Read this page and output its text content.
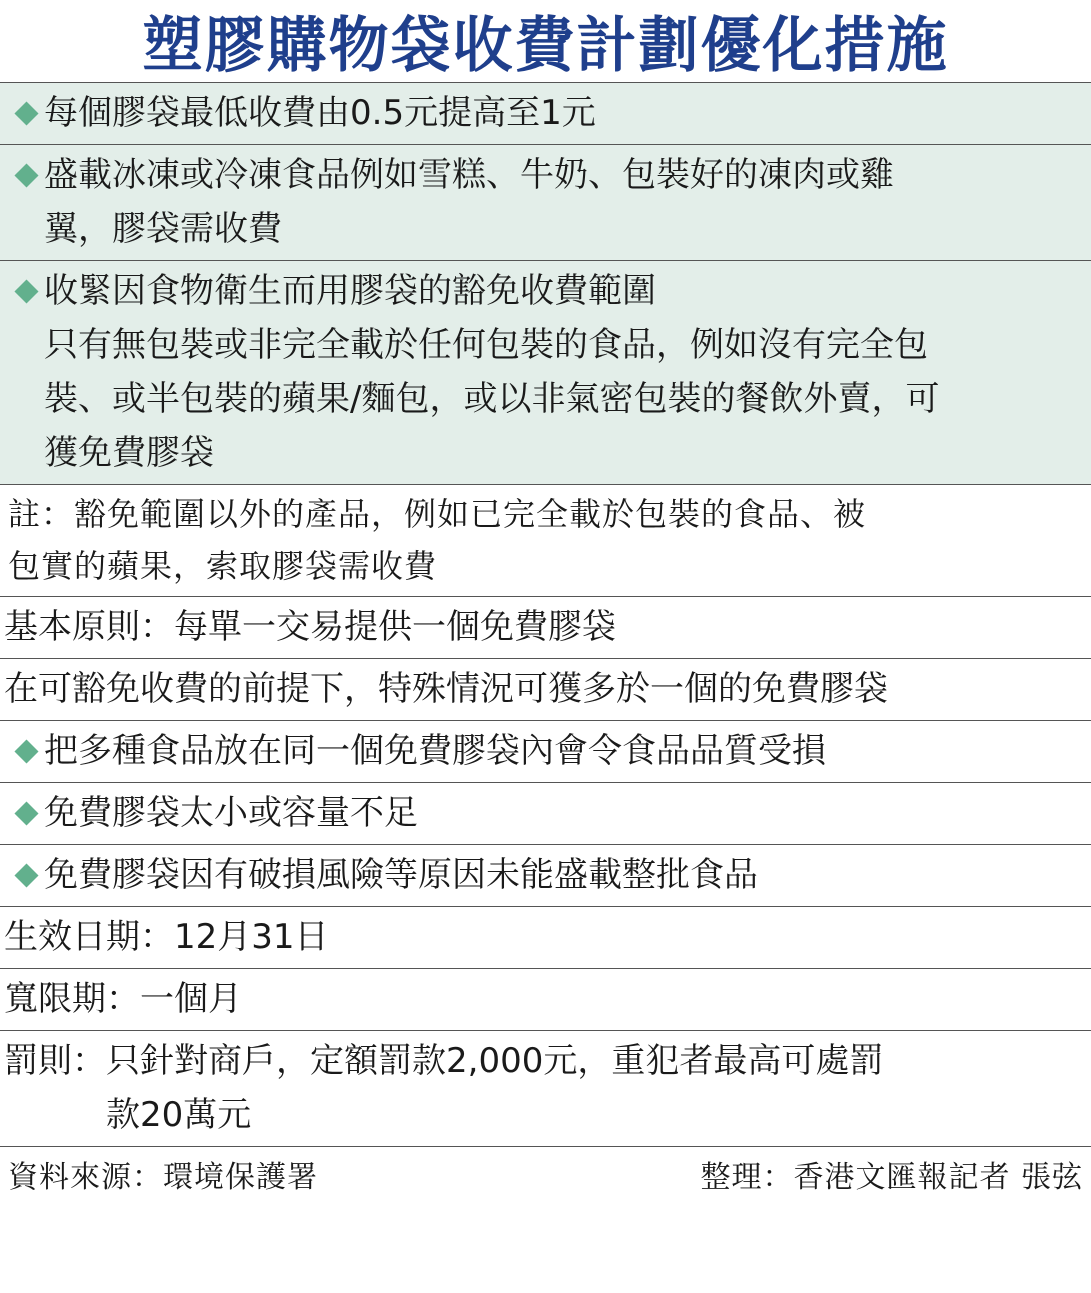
塑膠購物袋收費計劃優化措施
每個膠袋最低收費由0.5元提高至1元
盛載冰凍或冷凍食品例如雪糕、牛奶、包裝好的凍肉或雞
翼，膠袋需收費
收緊因食物衛生而用膠袋的豁免收費範圍
只有無包裝或非完全載於任何包裝的食品，例如沒有完全包
裝、或半包裝的蘋果/麵包，或以非氣密包裝的餐飲外賣，可
獲免費膠袋
註：豁免範圍以外的產品，例如已完全載於包裝的食品、被
包實的蘋果，索取膠袋需收費
基本原則：每單一交易提供一個免費膠袋
在可豁免收費的前提下，特殊情況可獲多於一個的免費膠袋
把多種食品放在同一個免費膠袋內會令食品品質受損
免費膠袋太小或容量不足
免費膠袋因有破損風險等原因未能盛載整批食品
生效日期：12月31日
寬限期：一個月
罰則： 只針對商戶，定額罰款2,000元，重犯者最高可處罰
款20萬元
資料來源：環境保護署	整理：香港文匯報記者 張弦
